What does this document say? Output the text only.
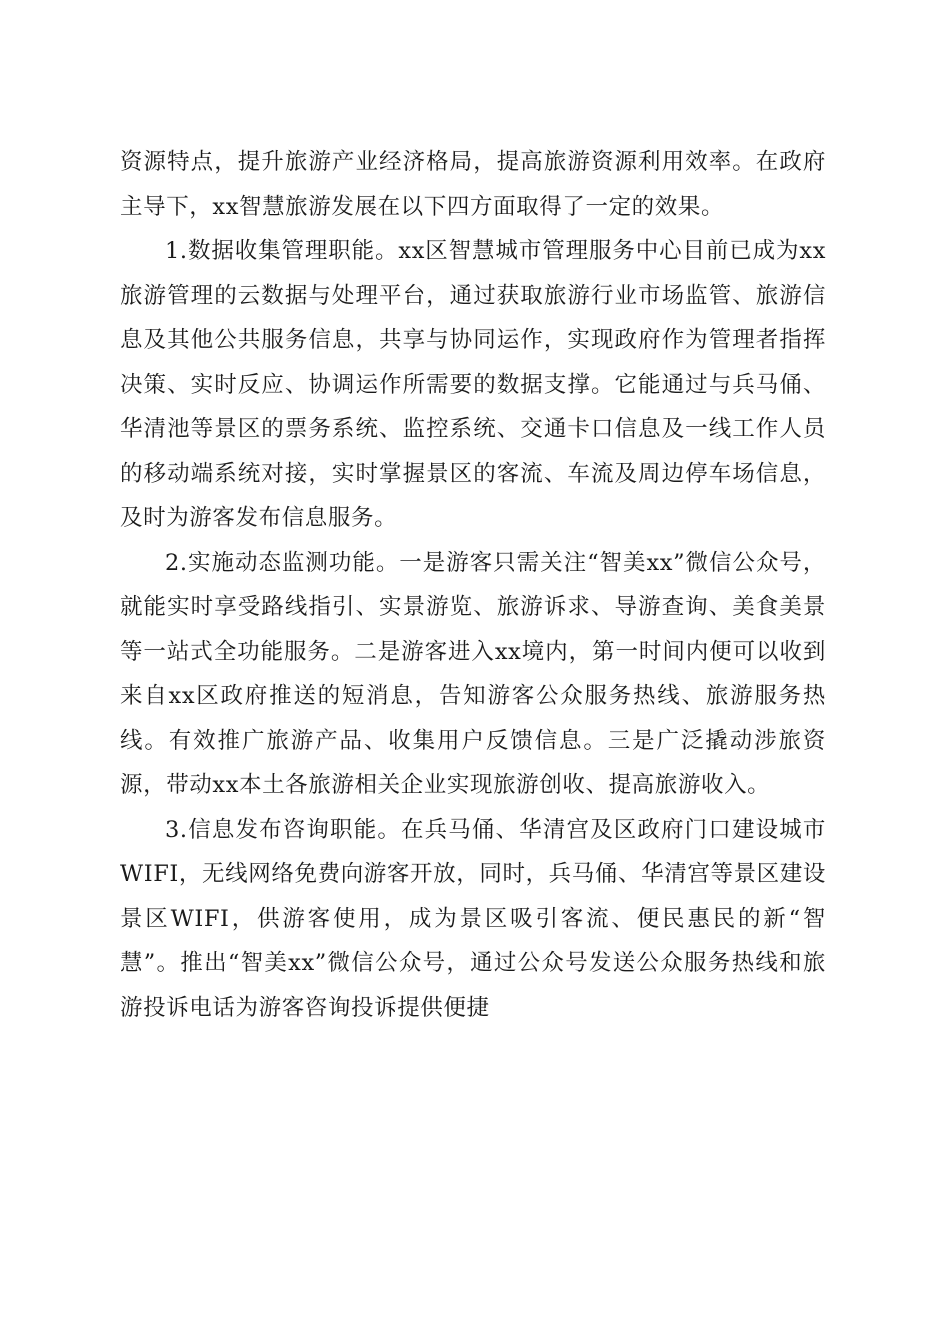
资源特点，提升旅游产业经济格局，提高旅游资源利用效率。在政府主导下，xx智慧旅游发展在以下四方面取得了一定的效果。

1.数据收集管理职能。xx区智慧城市管理服务中心目前已成为xx旅游管理的云数据与处理平台，通过获取旅游行业市场监管、旅游信息及其他公共服务信息，共享与协同运作，实现政府作为管理者指挥决策、实时反应、协调运作所需要的数据支撑。它能通过与兵马俑、华清池等景区的票务系统、监控系统、交通卡口信息及一线工作人员的移动端系统对接，实时掌握景区的客流、车流及周边停车场信息，及时为游客发布信息服务。

2.实施动态监测功能。一是游客只需关注“智美xx”微信公众号，就能实时享受路线指引、实景游览、旅游诉求、导游查询、美食美景等一站式全功能服务。二是游客进入xx境内，第一时间内便可以收到来自xx区政府推送的短消息，告知游客公众服务热线、旅游服务热线。有效推广旅游产品、收集用户反馈信息。三是广泛撬动涉旅资源，带动xx本土各旅游相关企业实现旅游创收、提高旅游收入。

3.信息发布咨询职能。在兵马俑、华清宫及区政府门口建设城市WIFI，无线网络免费向游客开放，同时，兵马俑、华清宫等景区建设景区WIFI，供游客使用，成为景区吸引客流、便民惠民的新“智慧”。推出“智美xx”微信公众号，通过公众号发送公众服务热线和旅游投诉电话为游客咨询投诉提供便捷
